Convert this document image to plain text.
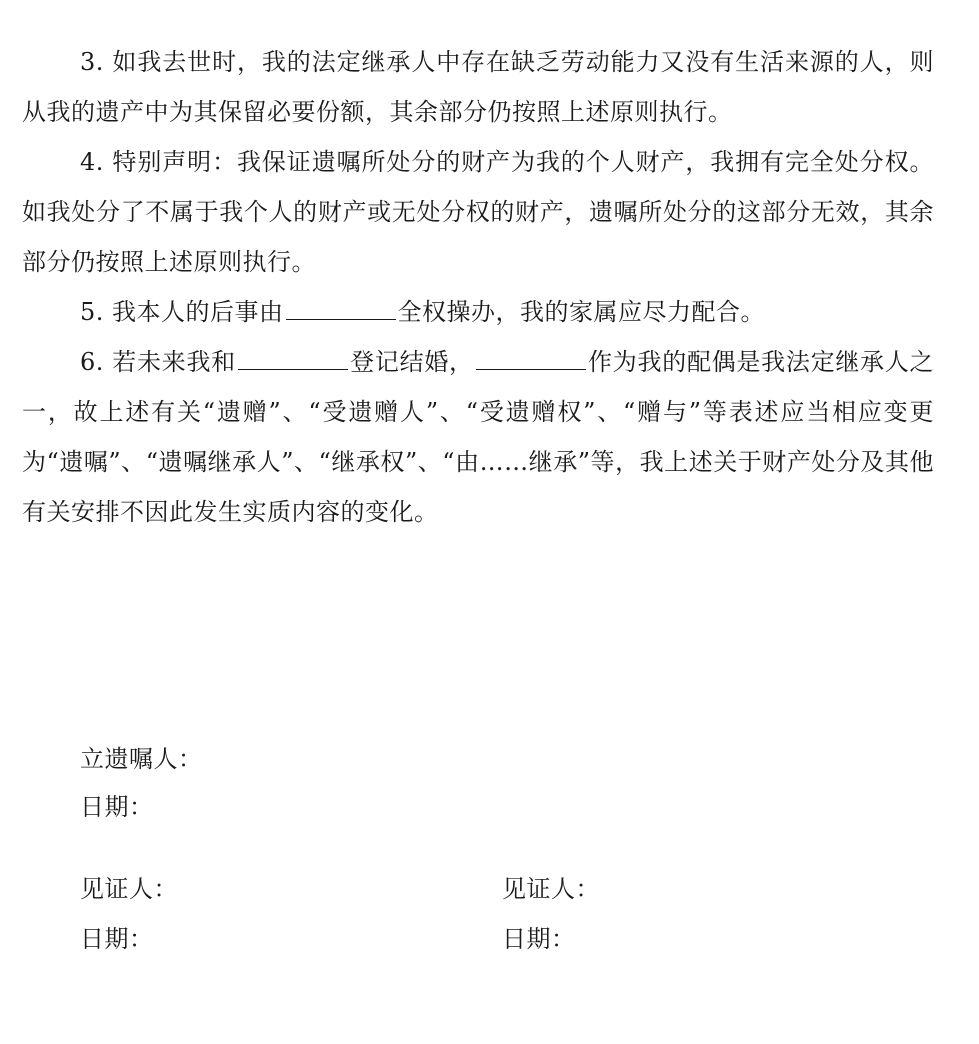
3. 如我去世时，我的法定继承人中存在缺乏劳动能力又没有生活来源的人，则从我的遗产中为其保留必要份额，其余部分仍按照上述原则执行。

4. 特别声明：我保证遗嘱所处分的财产为我的个人财产，我拥有完全处分权。如我处分了不属于我个人的财产或无处分权的财产，遗嘱所处分的这部分无效，其余部分仍按照上述原则执行。

5. 我本人的后事由	全权操办，我的家属应尽力配合。

6. 若未来我和	登记结婚，	作为我的配偶是我法定继承人之一，故上述有关“遗赠”、“受遗赠人”、“受遗赠权”、“赠与”等表述应当相应变更为“遗嘱”、“遗嘱继承人”、“继承权”、“由……继承”等，我上述关于财产处分及其他有关安排不因此发生实质内容的变化。

立遗嘱人：
日期：
见证人：
日期：
见证人：
日期：
